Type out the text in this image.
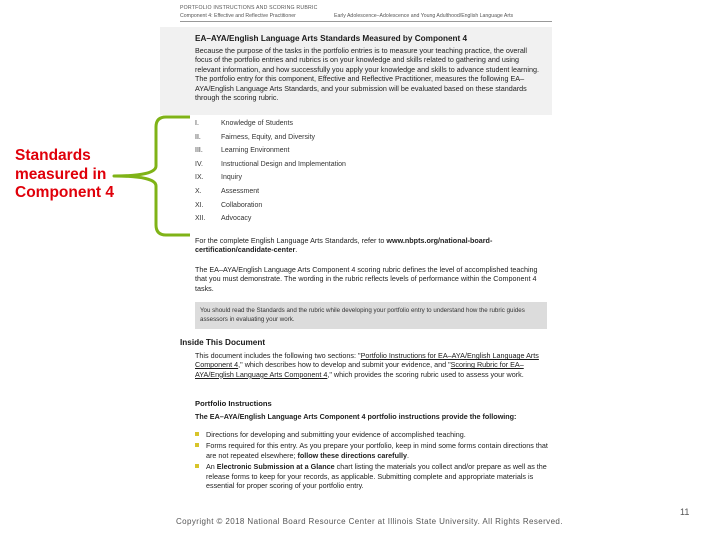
PORTFOLIO INSTRUCTIONS AND SCORING RUBRIC
Component 4: Effective and Reflective Practitioner	Early Adolescence–Adolescence and Young Adulthood/English Language Arts
EA–AYA/English Language Arts Standards Measured by Component 4
Because the purpose of the tasks in the portfolio entries is to measure your teaching practice, the overall focus of the portfolio entries and rubrics is on your knowledge and skills related to gathering and using relevant information, and how successfully you apply your knowledge and skills to advance student learning.
The portfolio entry for this component, Effective and Reflective Practitioner, measures the following EA–AYA/English Language Arts Standards, and your submission will be evaluated based on these standards through the scoring rubric.
I.	Knowledge of Students
II.	Fairness, Equity, and Diversity
III.	Learning Environment
IV.	Instructional Design and Implementation
IX.	Inquiry
X.	Assessment
XI.	Collaboration
XII.	Advocacy
For the complete English Language Arts Standards, refer to www.nbpts.org/national-board-certification/candidate-center.
The EA–AYA/English Language Arts Component 4 scoring rubric defines the level of accomplished teaching that you must demonstrate. The wording in the rubric reflects levels of performance within the Component 4 tasks.
You should read the Standards and the rubric while developing your portfolio entry to understand how the rubric guides assessors in evaluating your work.
Inside This Document
This document includes the following two sections: "Portfolio Instructions for EA–AYA/English Language Arts Component 4," which describes how to develop and submit your evidence, and "Scoring Rubric for EA–AYA/English Language Arts Component 4," which provides the scoring rubric used to assess your work.
Portfolio Instructions
The EA–AYA/English Language Arts Component 4 portfolio instructions provide the following:
Directions for developing and submitting your evidence of accomplished teaching.
Forms required for this entry. As you prepare your portfolio, keep in mind some forms contain directions that are not repeated elsewhere; follow these directions carefully.
An Electronic Submission at a Glance chart listing the materials you collect and/or prepare as well as the release forms to keep for your records, as applicable. Submitting complete and appropriate materials is essential for proper scoring of your portfolio entry.
Standards measured in Component 4
11
Copyright © 2018 National Board Resource Center at Illinois State University. All Rights Reserved.
